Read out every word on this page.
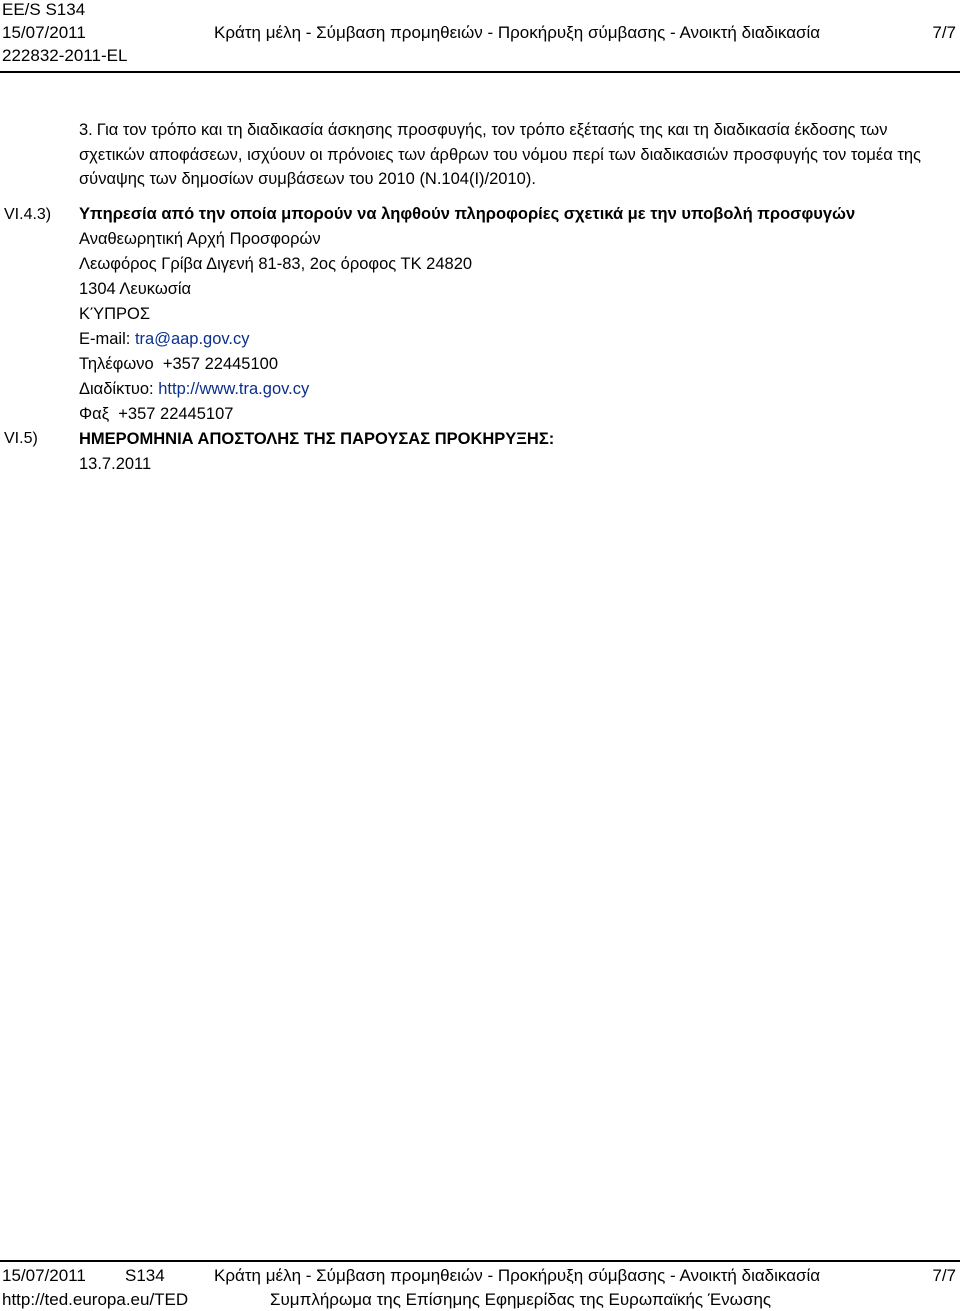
EE/S S134
15/07/2011	Κράτη μέλη - Σύμβαση προμηθειών - Προκήρυξη σύμβασης - Ανοικτή διαδικασία	7/7
222832-2011-EL
3. Για τον τρόπο και τη διαδικασία άσκησης προσφυγής, τον τρόπο εξέτασής της και τη διαδικασία έκδοσης των σχετικών αποφάσεων, ισχύουν οι πρόνοιες των άρθρων του νόμου περί των διαδικασιών προσφυγής τον τομέα της σύναψης των δημοσίων συμβάσεων του 2010 (Ν.104(Ι)/2010).
VI.4.3) Υπηρεσία από την οποία μπορούν να ληφθούν πληροφορίες σχετικά με την υποβολή προσφυγών
Αναθεωρητική Αρχή Προσφορών
Λεωφόρος Γρίβα Διγενή 81-83, 2ος όροφος ΤΚ 24820
1304 Λευκωσία
ΚΎΠΡΟΣ
E-mail: tra@aap.gov.cy
Τηλέφωνο +357 22445100
Διαδίκτυο: http://www.tra.gov.cy
Φαξ +357 22445107
VI.5) ΗΜΕΡΟΜΗΝΙΑ ΑΠΟΣΤΟΛΗΣ ΤΗΣ ΠΑΡΟΥΣΑΣ ΠΡΟΚΗΡΥΞΗΣ:
13.7.2011
15/07/2011 S134	Κράτη μέλη - Σύμβαση προμηθειών - Προκήρυξη σύμβασης - Ανοικτή διαδικασία	7/7
http://ted.europa.eu/TED	Συμπλήρωμα της Επίσημης Εφημερίδας της Ευρωπαϊκής Ένωσης
